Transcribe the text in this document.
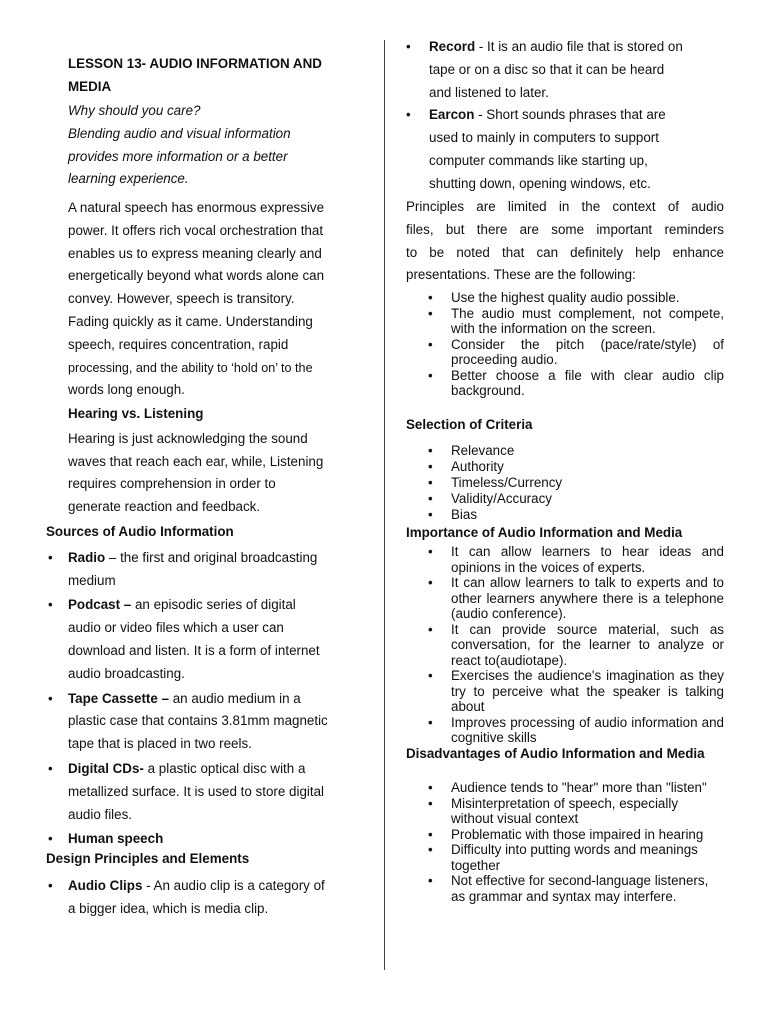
LESSON 13- AUDIO INFORMATION AND

MEDIA

Why should you care?

Blending audio and visual information

provides more information or a better

learning experience.

A natural speech has enormous expressive

power. It offers rich vocal orchestration that

enables us to express meaning clearly and

energetically beyond what words alone can

convey. However, speech is transitory.

Fading quickly as it came. Understanding

speech, requires concentration, rapid

processing, and the ability to ‘hold on’ to the

words long enough.

Hearing vs. Listening

Hearing is just acknowledging the sound

waves that reach each ear, while, Listening

requires comprehension in order to

generate reaction and feedback.

Sources of Audio Information

• Radio – the first and original broadcasting
medium
• Podcast – an episodic series of digital
audio or video files which a user can
download and listen. It is a form of internet
audio broadcasting.
• Tape Cassette – an audio medium in a
plastic case that contains 3.81mm magnetic
tape that is placed in two reels.
• Digital CDs- a plastic optical disc with a
metallized surface. It is used to store digital
audio files.
• Human speech

Design Principles and Elements

• Audio Clips - An audio clip is a category of
a bigger idea, which is media clip.
• Record - It is an audio file that is stored on
tape or on a disc so that it can be heard
and listened to later.
• Earcon - Short sounds phrases that are
used to mainly in computers to support
computer commands like starting up,
shutting down, opening windows, etc.

Principles are limited in the context of audio

files, but there are some important reminders

to be noted that can definitely help enhance

presentations. These are the following:

• Use the highest quality audio possible.
• The audio must complement, not compete, with the information on the screen.
• Consider the pitch (pace/rate/style) of proceeding audio.
• Better choose a file with clear audio clip background.

Selection of Criteria

• Relevance
• Authority
• Timeless/Currency
• Validity/Accuracy
• Bias

Importance of Audio Information and Media

• It can allow learners to hear ideas and opinions in the voices of experts.
• It can allow learners to talk to experts and to other learners anywhere there is a telephone (audio conference).
• It can provide source material, such as conversation, for the learner to analyze or react to(audiotape).
• Exercises the audience's imagination as they try to perceive what the speaker is talking about
• Improves processing of audio information and cognitive skills

Disadvantages of Audio Information and Media

• Audience tends to "hear" more than "listen"
• Misinterpretation of speech, especially without visual context
• Problematic with those impaired in hearing
• Difficulty into putting words and meanings together
• Not effective for second-language listeners, as grammar and syntax may interfere.
